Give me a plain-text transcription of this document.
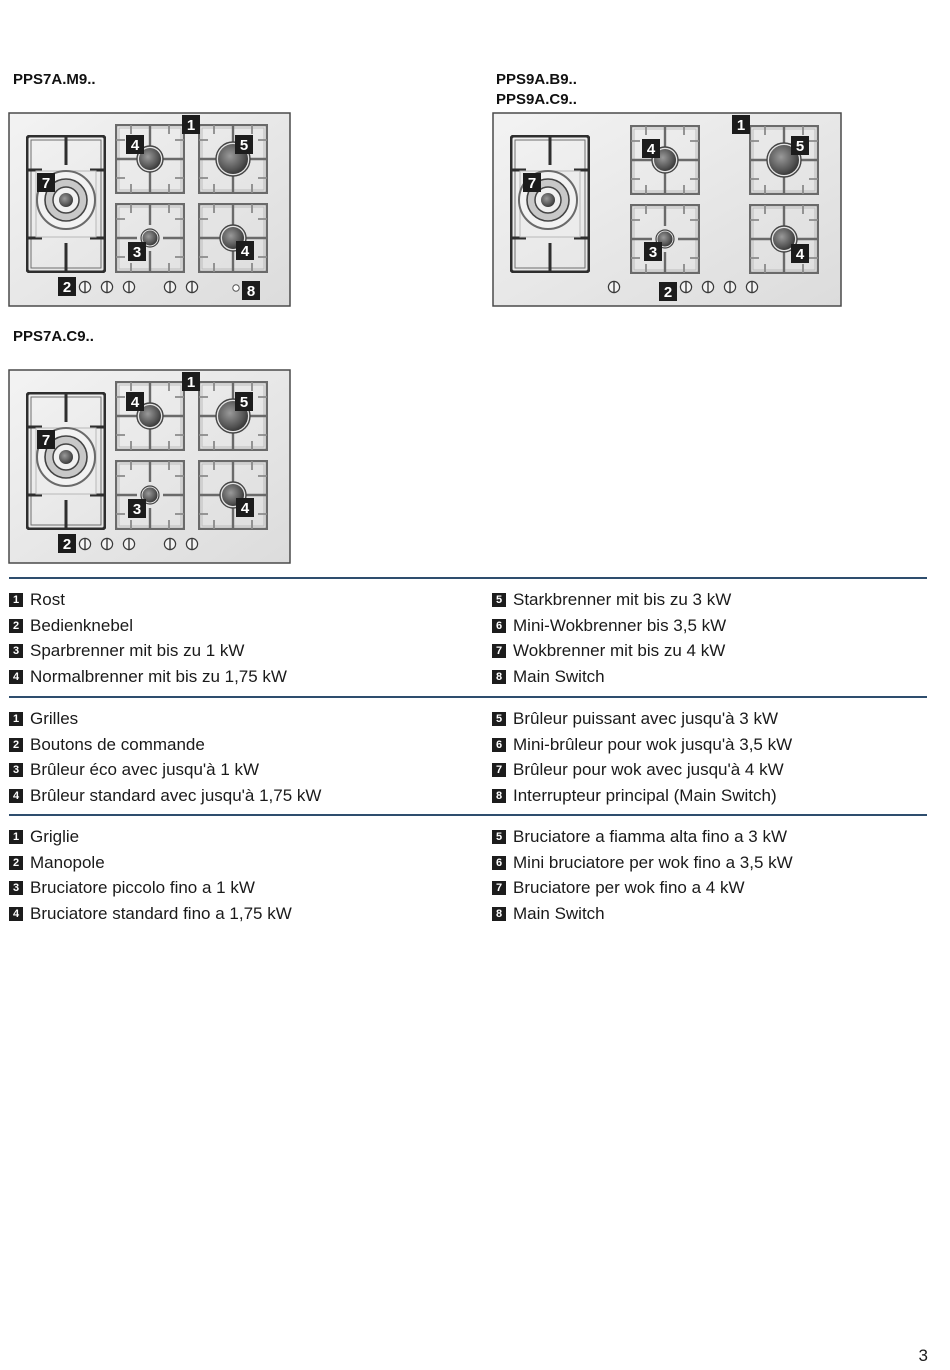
PPS7A.M9..	PPS9A.B9..
PPS9A.C9..
PPS7A.C9..
1
4	5
7
3	4
2	8
1
4	5
7
3	4
2
1
4	5
7
3	4
2
1 Rost
2 Bedienknebel
3 Sparbrenner mit bis zu 1 kW
4 Normalbrenner mit bis zu 1,75 kW
5 Starkbrenner mit bis zu 3 kW
6 Mini-Wokbrenner bis 3,5 kW
7 Wokbrenner mit bis zu 4 kW
8 Main Switch
1 Grilles
2 Boutons de commande
3 Brûleur éco avec jusqu'à 1 kW
4 Brûleur standard avec jusqu'à 1,75 kW
5 Brûleur puissant avec jusqu'à 3 kW
6 Mini-brûleur pour wok jusqu'à 3,5 kW
7 Brûleur pour wok avec jusqu'à 4 kW
8 Interrupteur principal (Main Switch)
1 Griglie
2 Manopole
3 Bruciatore piccolo fino a 1 kW
4 Bruciatore standard fino a 1,75 kW
5 Bruciatore a fiamma alta fino a 3 kW
6 Mini bruciatore per wok fino a 3,5 kW
7 Bruciatore per wok fino a 4 kW
8 Main Switch
3
